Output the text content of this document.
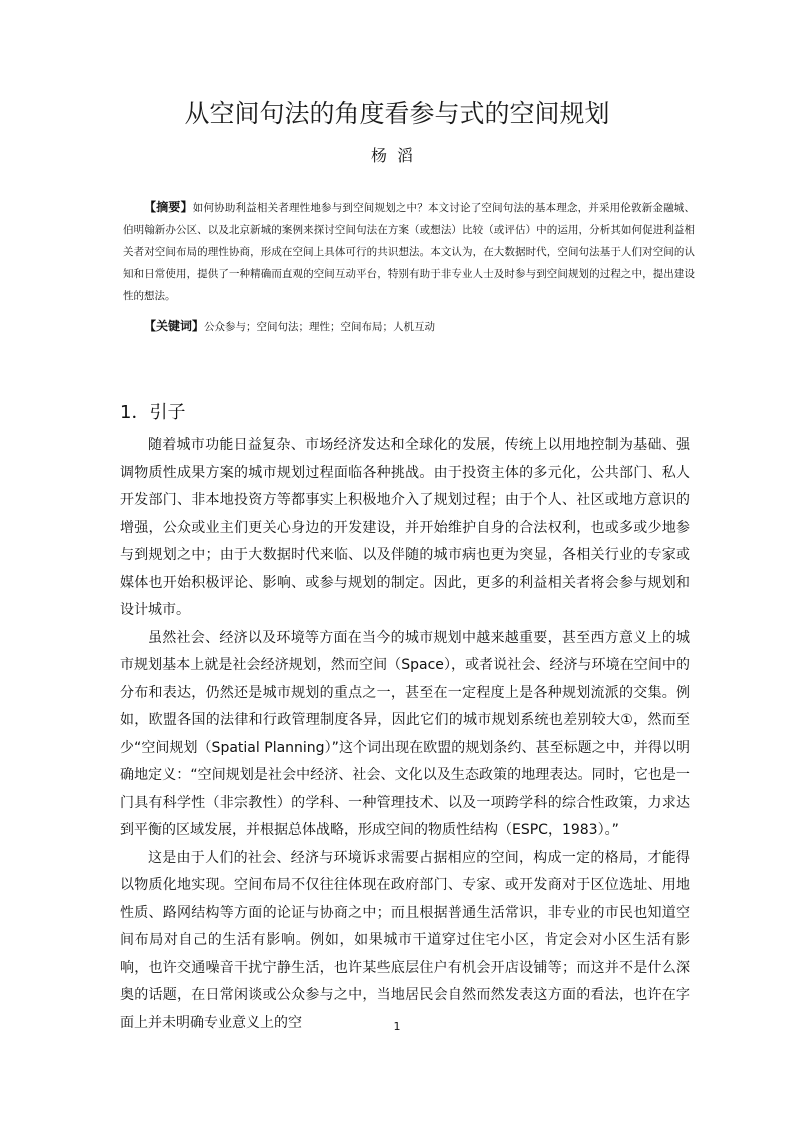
从空间句法的角度看参与式的空间规划
杨滔
【摘要】如何协助利益相关者理性地参与到空间规划之中？本文讨论了空间句法的基本理念，并采用伦敦新金融城、伯明翰新办公区、以及北京新城的案例来探讨空间句法在方案（或想法）比较（或评估）中的运用，分析其如何促进利益相关者对空间布局的理性协商，形成在空间上具体可行的共识想法。本文认为，在大数据时代，空间句法基于人们对空间的认知和日常使用，提供了一种精确而直观的空间互动平台，特别有助于非专业人士及时参与到空间规划的过程之中，提出建设性的想法。
【关键词】公众参与；空间句法；理性；空间布局；人机互动
1．引子

随着城市功能日益复杂、市场经济发达和全球化的发展，传统上以用地控制为基础、强调物质性成果方案的城市规划过程面临各种挑战。由于投资主体的多元化，公共部门、私人开发部门、非本地投资方等都事实上积极地介入了规划过程；由于个人、社区或地方意识的增强，公众或业主们更关心身边的开发建设，并开始维护自身的合法权利，也或多或少地参与到规划之中；由于大数据时代来临、以及伴随的城市病也更为突显，各相关行业的专家或媒体也开始积极评论、影响、或参与规划的制定。因此，更多的利益相关者将会参与规划和设计城市。

虽然社会、经济以及环境等方面在当今的城市规划中越来越重要，甚至西方意义上的城市规划基本上就是社会经济规划，然而空间（Space），或者说社会、经济与环境在空间中的分布和表达，仍然还是城市规划的重点之一，甚至在一定程度上是各种规划流派的交集。例如，欧盟各国的法律和行政管理制度各异，因此它们的城市规划系统也差别较大①，然而至少“空间规划（Spatial Planning）”这个词出现在欧盟的规划条约、甚至标题之中，并得以明确地定义：“空间规划是社会中经济、社会、文化以及生态政策的地理表达。同时，它也是一门具有科学性（非宗教性）的学科、一种管理技术、以及一项跨学科的综合性政策，力求达到平衡的区域发展，并根据总体战略，形成空间的物质性结构（ESPC，1983）。”

这是由于人们的社会、经济与环境诉求需要占据相应的空间，构成一定的格局，才能得以物质化地实现。空间布局不仅往往体现在政府部门、专家、或开发商对于区位选址、用地性质、路网结构等方面的论证与协商之中；而且根据普通生活常识，非专业的市民也知道空间布局对自己的生活有影响。例如，如果城市干道穿过住宅小区，肯定会对小区生活有影响，也许交通噪音干扰宁静生活，也许某些底层住户有机会开店设铺等；而这并不是什么深奥的话题，在日常闲谈或公众参与之中，当地居民会自然而然发表这方面的看法，也许在字面上并未明确专业意义上的空	1
